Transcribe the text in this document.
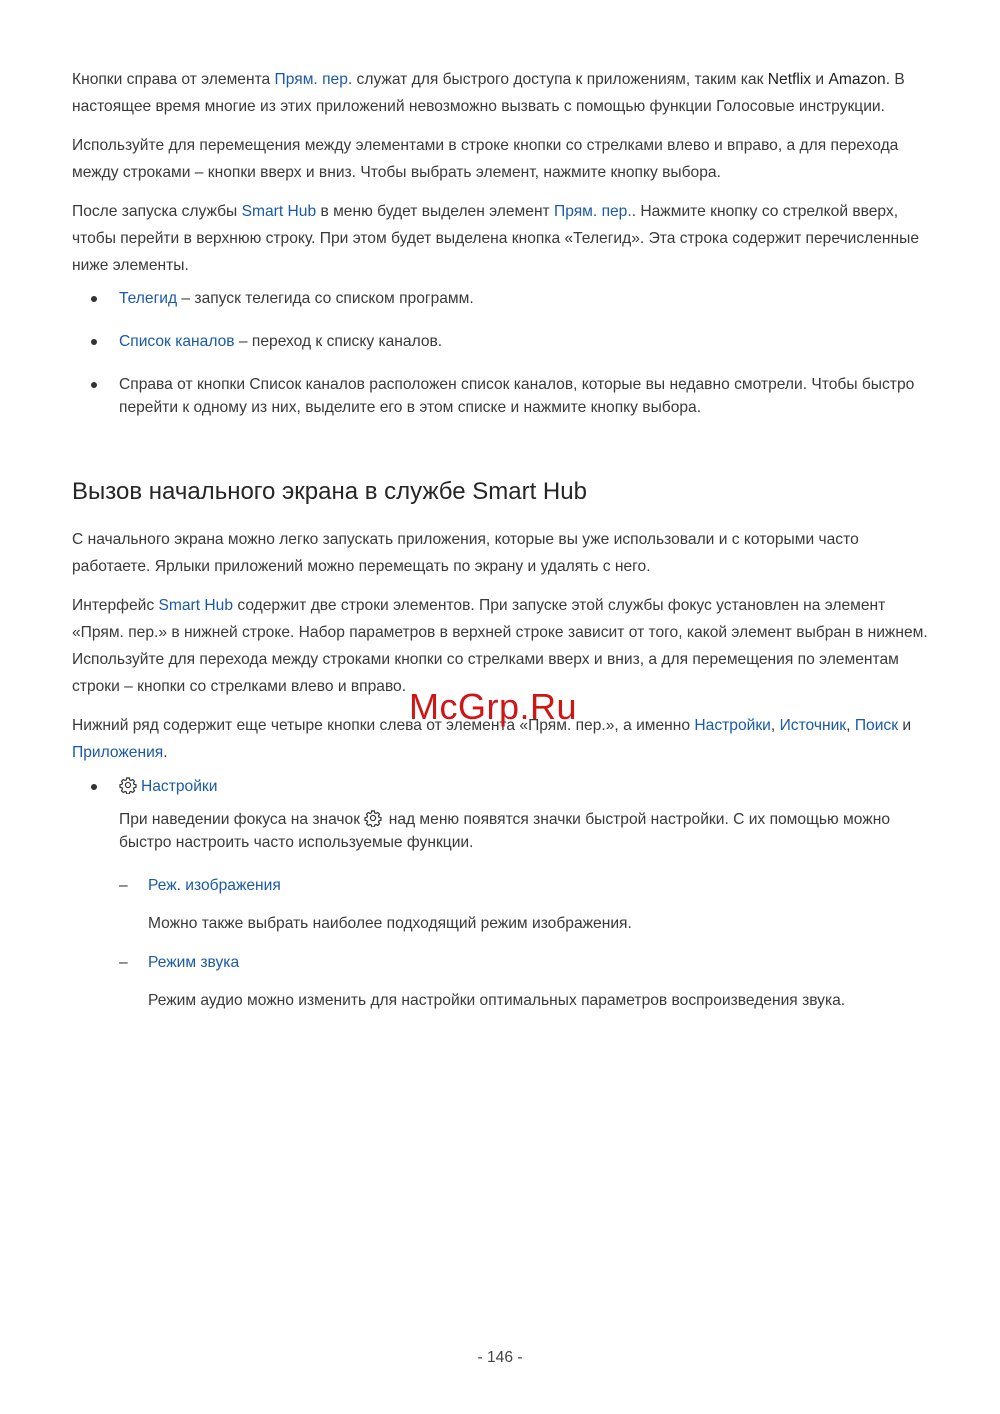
Кнопки справа от элемента Прям. пер. служат для быстрого доступа к приложениям, таким как Netflix и Amazon. В настоящее время многие из этих приложений невозможно вызвать с помощью функции Голосовые инструкции.

Используйте для перемещения между элементами в строке кнопки со стрелками влево и вправо, а для перехода между строками – кнопки вверх и вниз. Чтобы выбрать элемент, нажмите кнопку выбора.

После запуска службы Smart Hub в меню будет выделен элемент Прям. пер.. Нажмите кнопку со стрелкой вверх, чтобы перейти в верхнюю строку. При этом будет выделена кнопка «Телегид». Эта строка содержит перечисленные ниже элементы.

Телегид – запуск телегида со списком программ.
Список каналов – переход к списку каналов.
Справа от кнопки Список каналов расположен список каналов, которые вы недавно смотрели. Чтобы быстро перейти к одному из них, выделите его в этом списке и нажмите кнопку выбора.
Вызов начального экрана в службе Smart Hub

С начального экрана можно легко запускать приложения, которые вы уже использовали и с которыми часто работаете. Ярлыки приложений можно перемещать по экрану и удалять с него.

Интерфейс Smart Hub содержит две строки элементов. При запуске этой службы фокус установлен на элемент «Прям. пер.» в нижней строке. Набор параметров в верхней строке зависит от того, какой элемент выбран в нижнем. Используйте для перехода между строками кнопки со стрелками вверх и вниз, а для перемещения по элементам строки – кнопки со стрелками влево и вправо.

Нижний ряд содержит еще четыре кнопки слева от элемента «Прям. пер.», а именно Настройки, Источник, Поиск и Приложения.

Настройки

При наведении фокуса на значок  над меню появятся значки быстрой настройки. С их помощью можно быстро настроить часто используемые функции.

– Реж. изображения
Можно также выбрать наиболее подходящий режим изображения.
– Режим звука
Режим аудио можно изменить для настройки оптимальных параметров воспроизведения звука.
McGrp.Ru
- 146 -
